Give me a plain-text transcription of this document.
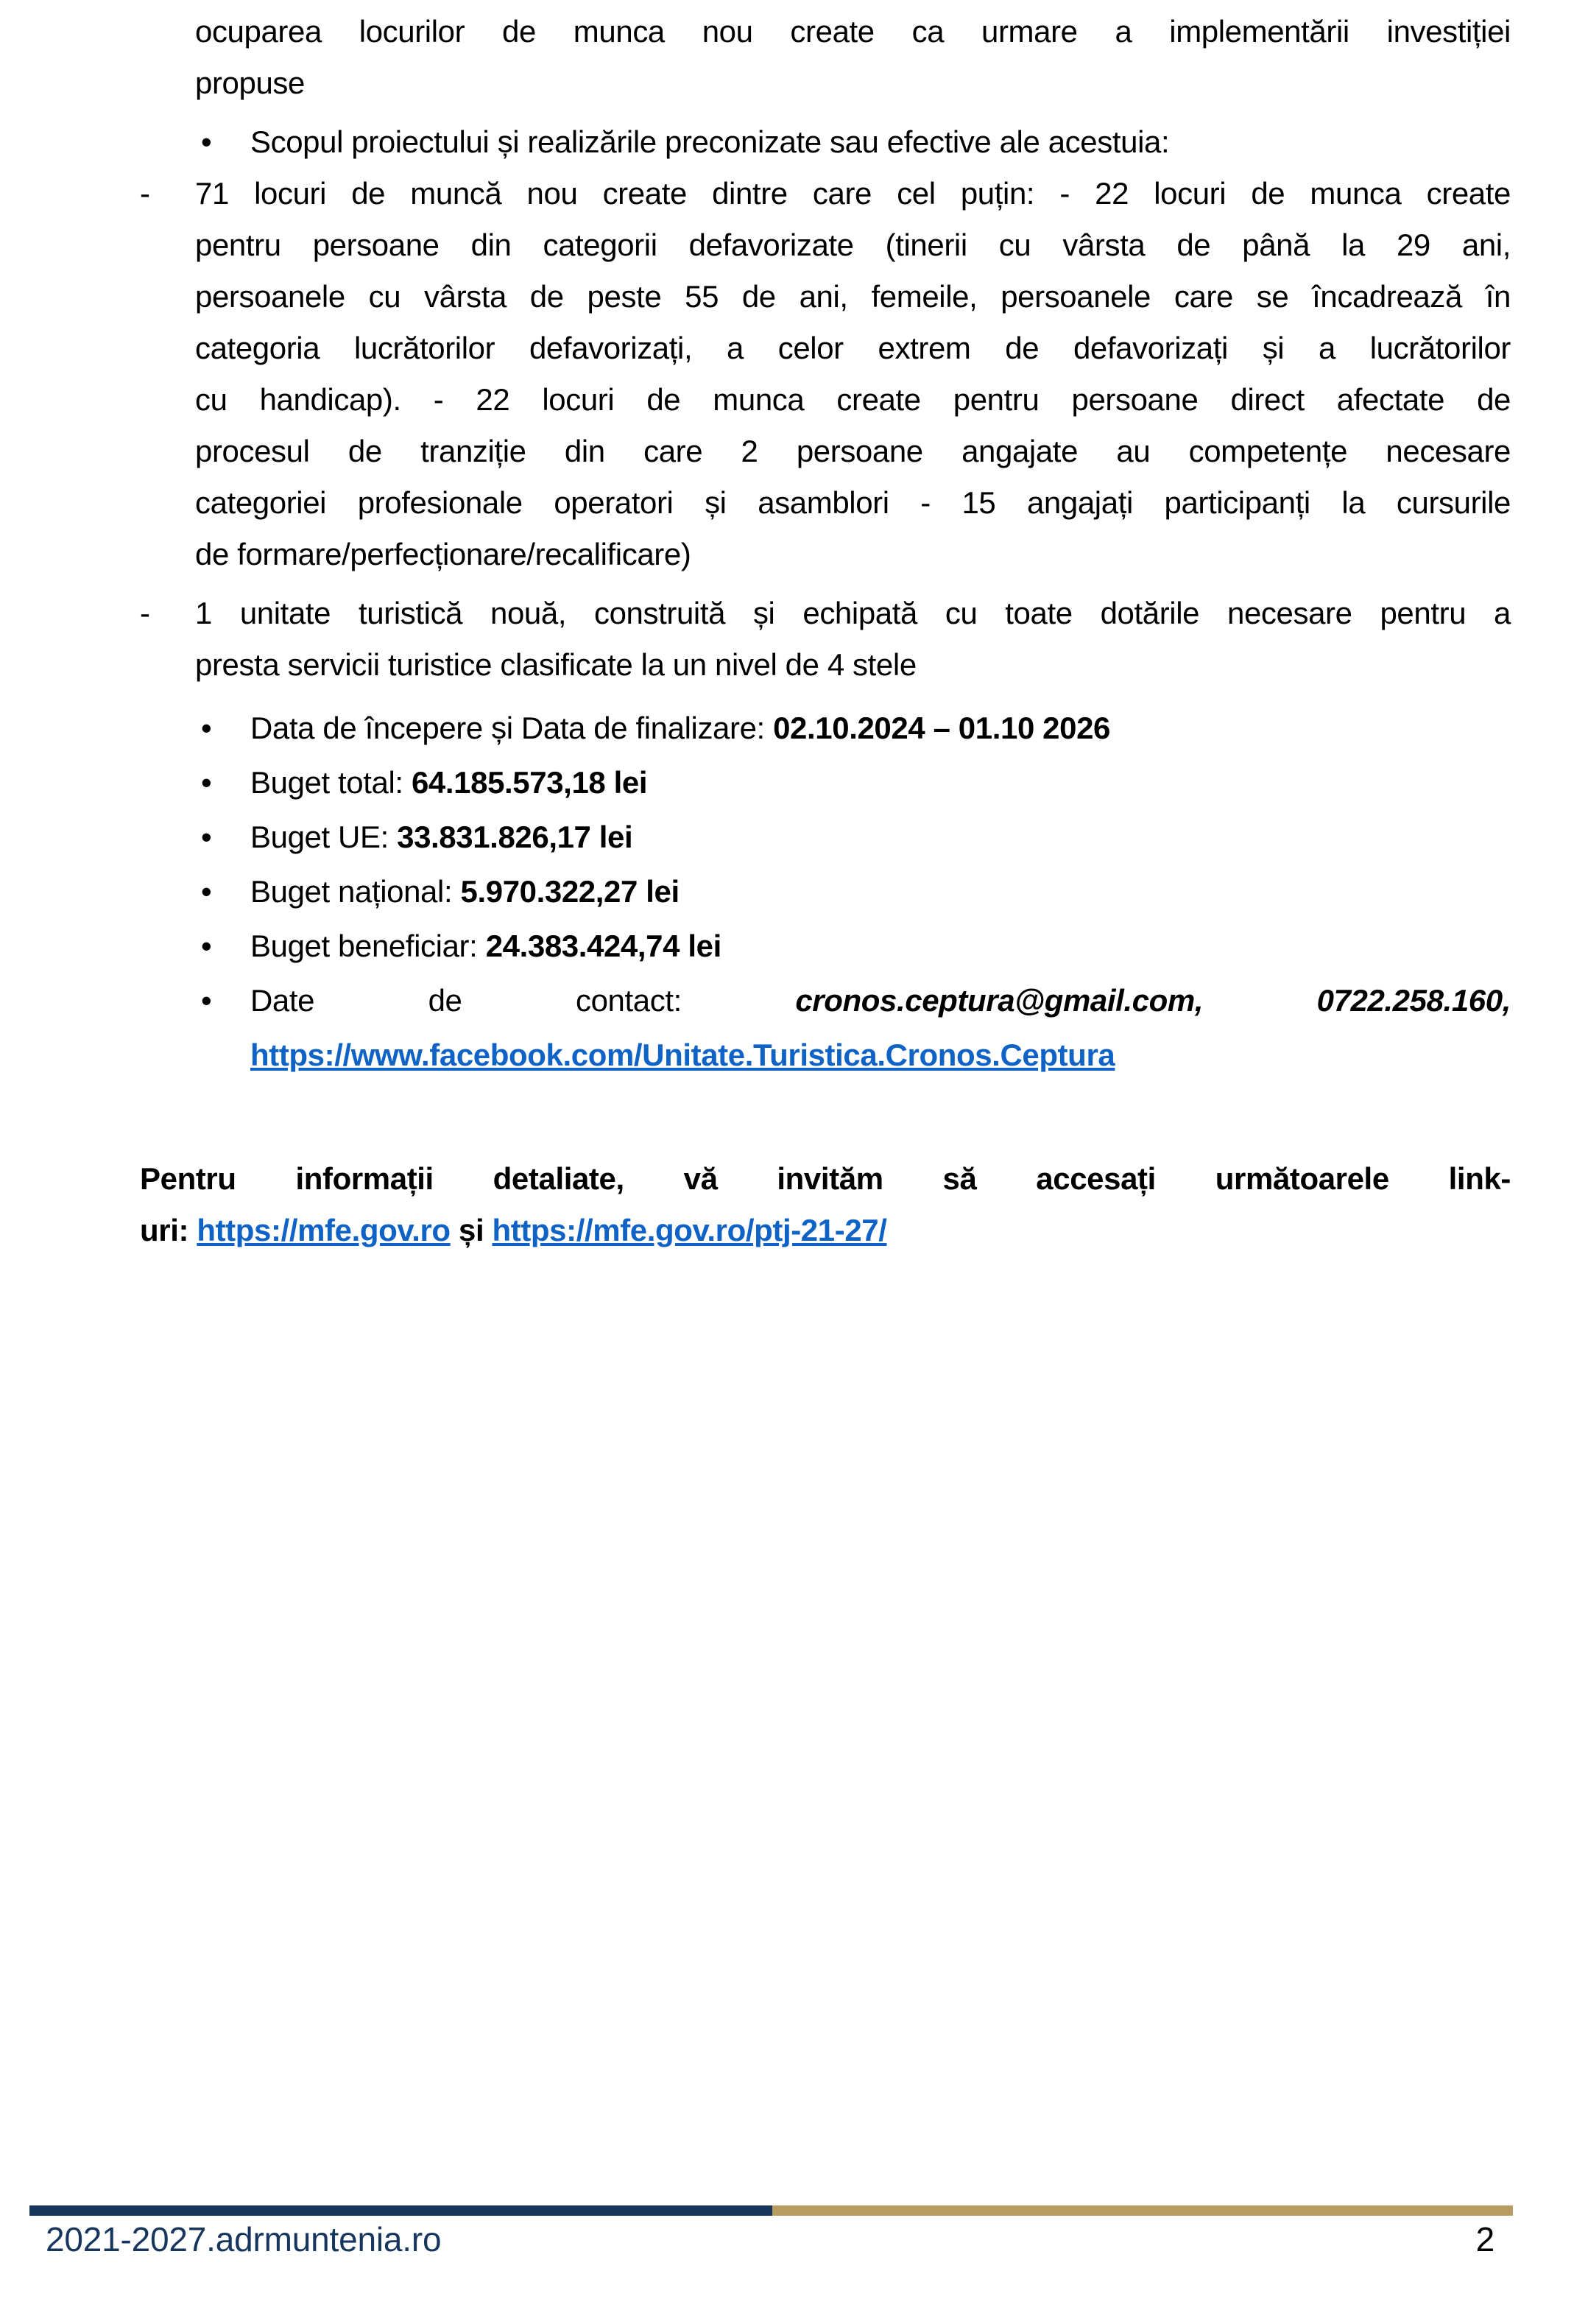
ocuparea locurilor de munca nou create ca urmare a implementării investiției
propuse
• Scopul proiectului și realizările preconizate sau efective ale acestuia:
- 71 locuri de muncă nou create dintre care cel puțin: - 22 locuri de munca create
pentru persoane din categorii defavorizate (tinerii cu vârsta de până la 29 ani,
persoanele cu vârsta de peste 55 de ani, femeile, persoanele care se încadrează în
categoria lucrătorilor defavorizați, a celor extrem de defavorizați și a lucrătorilor
cu handicap). - 22 locuri de munca create pentru persoane direct afectate de
procesul de tranziție din care 2 persoane angajate au competențe necesare
categoriei profesionale operatori și asamblori - 15 angajați participanți la cursurile
de formare/perfecționare/recalificare)
- 1 unitate turistică nouă, construită și echipată cu toate dotările necesare pentru a
presta servicii turistice clasificate la un nivel de 4 stele
• Data de începere și Data de finalizare: 02.10.2024 – 01.10 2026
• Buget total: 64.185.573,18 lei
• Buget UE: 33.831.826,17 lei
• Buget național: 5.970.322,27 lei
• Buget beneficiar: 24.383.424,74 lei
• Date	de	contact:	cronos.ceptura@gmail.com,	0722.258.160,
https://www.facebook.com/Unitate.Turistica.Cronos.Ceptura
Pentru informații detaliate, vă invităm să accesați următoarele link-
uri: https://mfe.gov.ro și https://mfe.gov.ro/ptj-21-27/
2021-2027.adrmuntenia.ro	2
